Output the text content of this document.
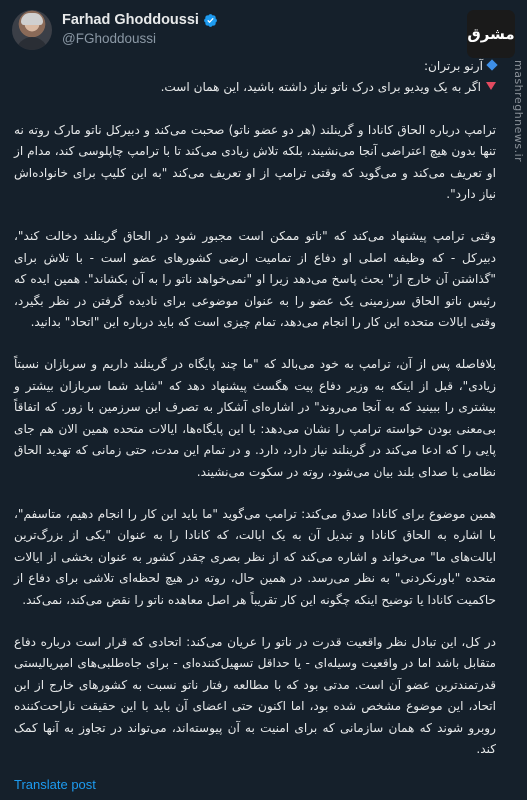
Farhad Ghoddoussi
@FGhoddoussi	مشرق
mashreghnews.ir

آرنو برتران:
اگر به یک ویدیو برای درک ناتو نیاز داشته باشید، این همان است.

ترامپ درباره الحاق کانادا و گرینلند (هر دو عضو ناتو) صحبت می‌کند و دبیرکل ناتو مارک روته نه تنها بدون هیچ اعتراضی آنجا می‌نشیند، بلکه تلاش زیادی می‌کند تا با ترامپ چاپلوسی کند، مدام از او تعریف می‌کند و می‌گوید که وقتی ترامپ از او تعریف می‌کند "به این کلیپ برای خانواده‌اش نیاز دارد".

وقتی ترامپ پیشنهاد می‌کند که "ناتو ممکن است مجبور شود در الحاق گرینلند دخالت کند"، دبیرکل - که وظیفه اصلی او دفاع از تمامیت ارضی کشورهای عضو است - با تلاش برای "گذاشتن آن خارج از" بحث پاسخ می‌دهد زیرا او "نمی‌خواهد ناتو را به آن بکشاند". همین ایده که رئیس ناتو الحاق سرزمینی یک عضو را به عنوان موضوعی برای نادیده گرفتن در نظر بگیرد، وقتی ایالات متحده این کار را انجام می‌دهد، تمام چیزی است که باید درباره این "اتحاد" بدانید.

بلافاصله پس از آن، ترامپ به خود می‌بالد که "ما چند پایگاه در گرینلند داریم و سربازان نسبتاً زیادی"، قبل از اینکه به وزیر دفاع پیت هگسث پیشنهاد دهد که "شاید شما سربازان بیشتر و بیشتری را ببینید که به آنجا می‌روند" در اشاره‌ای آشکار به تصرف این سرزمین با زور. که اتفاقاً بی‌معنی بودن خواسته ترامپ را نشان می‌دهد: با این پایگاه‌ها، ایالات متحده همین الان هم جای پایی را که ادعا می‌کند در گرینلند نیاز دارد، دارد. و در تمام این مدت، حتی زمانی که تهدید الحاق نظامی با صدای بلند بیان می‌شود، روته در سکوت می‌نشیند.

همین موضوع برای کانادا صدق می‌کند: ترامپ می‌گوید "ما باید این کار را انجام دهیم، متاسفم"، با اشاره به الحاق کانادا و تبدیل آن به یک ایالت، که کانادا را به عنوان "یکی از بزرگ‌ترین ایالت‌های ما" می‌خواند و اشاره می‌کند که از نظر بصری چقدر کشور به عنوان بخشی از ایالات متحده "باورنکردنی" به نظر می‌رسد. در همین حال، روته در هیچ لحظه‌ای تلاشی برای دفاع از حاکمیت کانادا یا توضیح اینکه چگونه این کار تقریباً هر اصل معاهده ناتو را نقض می‌کند، نمی‌کند.

در کل، این تبادل نظر واقعیت قدرت در ناتو را عریان می‌کند: اتحادی که قرار است درباره دفاع متقابل باشد اما در واقعیت وسیله‌ای - یا حداقل تسهیل‌کننده‌ای - برای جاه‌طلبی‌های امپریالیستی قدرتمندترین عضو آن است. مدتی بود که با مطالعه رفتار ناتو نسبت به کشورهای خارج از این اتحاد، این موضوع مشخص شده بود، اما اکنون حتی اعضای آن باید با این حقیقت ناراحت‌کننده روبرو شوند که همان سازمانی که برای امنیت به آن پیوسته‌اند، می‌تواند در تجاوز به آنها کمک کند.

Translate post
